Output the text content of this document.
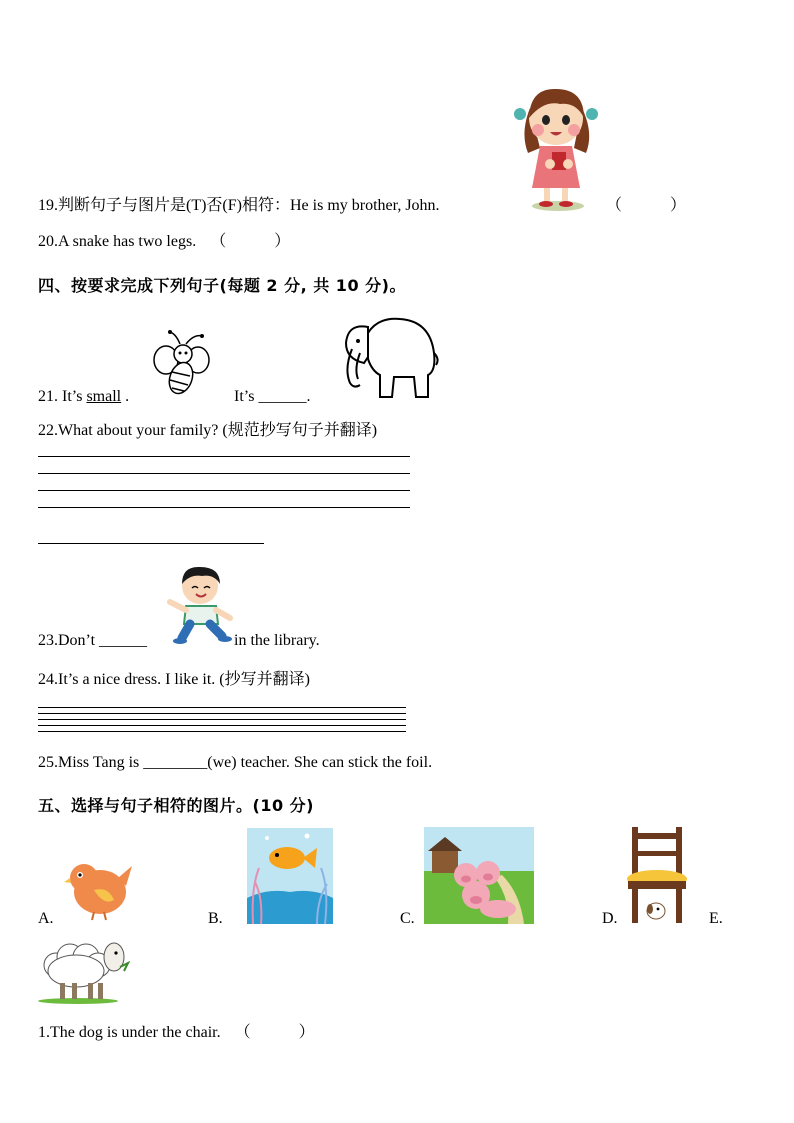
19.判断句子与图片是(T)否(F)相符：He is my brother, John.	（　　　）
20.A snake has two legs. （　　　）
四、按要求完成下列句子(每题 2 分, 共 10 分)。
21. It’s small .	It’s ______.
22.What about your family? (规范抄写句子并翻译)
23.Don’t ______	in the library.
24.It’s a nice dress. I like it. (抄写并翻译)
25.Miss Tang is ________(we) teacher. She can stick the foil.
五、选择与句子相符的图片。(10 分)
A.	B.	C.	D.	E.
1.The dog is under the chair. （　　　）
